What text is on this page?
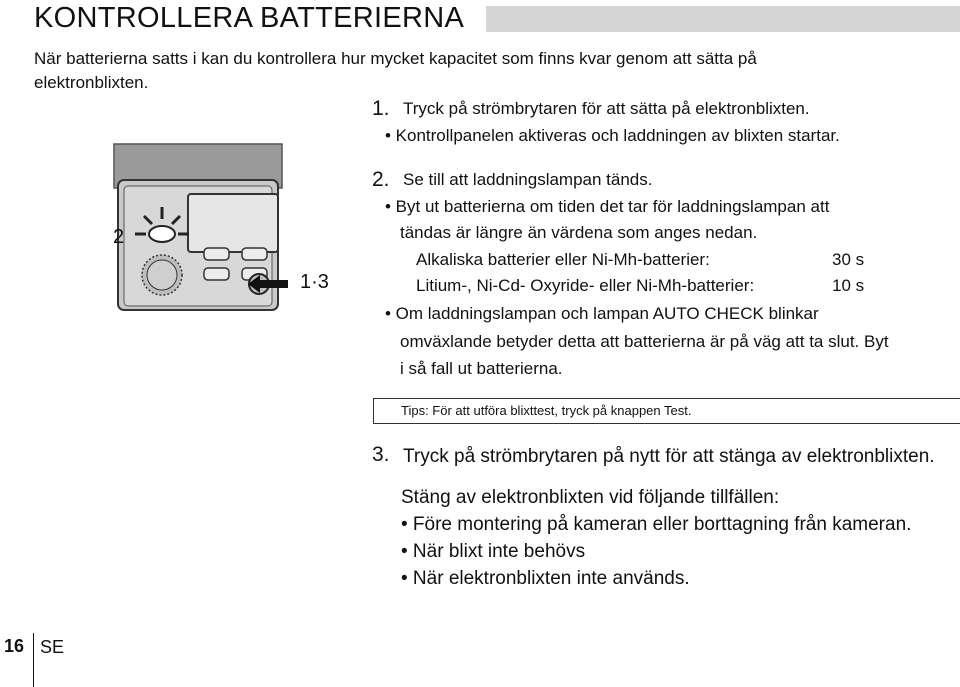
KONTROLLERA BATTERIERNA
När batterierna satts i kan du kontrollera hur mycket kapacitet som finns kvar genom att sätta på
elektronblixten.
2
1·3
1. Tryck på strömbrytaren för att sätta på elektronblixten.
• Kontrollpanelen aktiveras och laddningen av blixten startar.
2. Se till att laddningslampan tänds.
• Byt ut batterierna om tiden det tar för laddningslampan att
tändas är längre än värdena som anges nedan.
Alkaliska batterier eller Ni-Mh-batterier:	30 s
Litium-, Ni-Cd- Oxyride- eller Ni-Mh-batterier:	10 s
• Om laddningslampan och lampan AUTO CHECK blinkar
omväxlande betyder detta att batterierna är på väg att ta slut. Byt
i så fall ut batterierna.
Tips: För att utföra blixttest, tryck på knappen Test.
3. Tryck på strömbrytaren på nytt för att stänga av elektronblixten.
Stäng av elektronblixten vid följande tillfällen:
• Före montering på kameran eller borttagning från kameran.
• När blixt inte behövs
• När elektronblixten inte används.
16 SE
